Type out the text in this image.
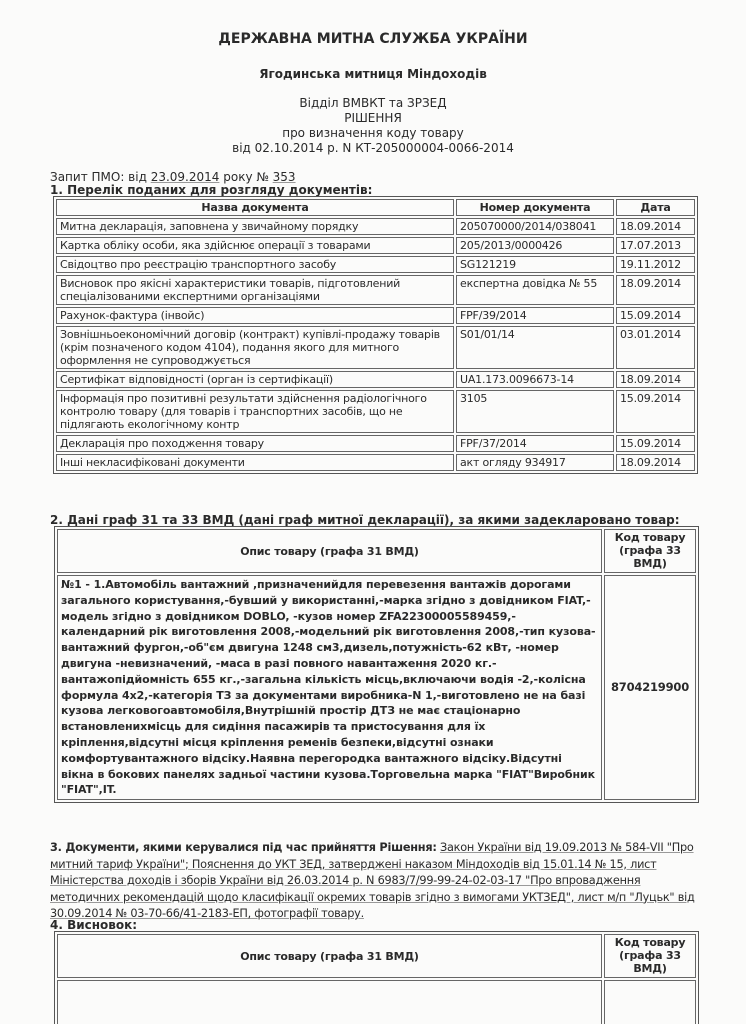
ДЕРЖАВНА МИТНА СЛУЖБА УКРАЇНИ
Ягодинська митниця Міндоходів
Відділ ВМВКТ та ЗРЗЕД
РІШЕННЯ
про визначення коду товару
від 02.10.2014 р. N КТ-205000004-0066-2014
Запит ПМО: від 23.09.2014 року № 353
1. Перелік поданих для розгляду документів:
Назва документа	Номер документа	Дата
Митна декларація, заповнена у звичайному порядку	205070000/2014/038041	18.09.2014
Картка обліку особи, яка здійснює операції з товарами	205/2013/0000426	17.07.2013
Свідоцтво про реєстрацію транспортного засобу	SG121219	19.11.2012
Висновок про якісні характеристики товарів, підготовлений спеціалізованими експертними організаціями	експертна довідка № 55	18.09.2014
Рахунок-фактура (інвойс)	FPF/39/2014	15.09.2014
Зовнішньоекономічний договір (контракт) купівлі-продажу товарів (крім позначеного кодом 4104), подання якого для митного оформлення не супроводжується	S01/01/14	03.01.2014
Сертифікат відповідності (орган із сертифікації)	UA1.173.0096673-14	18.09.2014
Інформація про позитивні результати здійснення радіологічного контролю товару (для товарів і транспортних засобів, що не підлягають екологічному контр	3105	15.09.2014
Декларація про походження товару	FPF/37/2014	15.09.2014
Інші некласифіковані документи	акт огляду 934917	18.09.2014
2. Дані граф 31 та 33 ВМД (дані граф митної декларації), за якими задекларовано товар:
Опис товару (графа 31 ВМД)	Код товару (графа 33 ВМД)
№1 - 1.Автомобіль вантажний ,призначенийдля перевезення вантажів дорогами загального користування,-бувший у використанні,-марка згідно з довідником FIAT,-модель згідно з довідником DOBLO, -кузов номер ZFA22300005589459,-календарний рік виготовлення 2008,-модельний рік виготовлення 2008,-тип кузова-вантажний фургон,-об"єм двигуна 1248 см3,дизель,потужність-62 кВт, -номер двигуна -невизначений, -маса в разі повного навантаження 2020 кг.-вантажопідйомність 655 кг.,-загальна кількість місць,включаючи водія -2,-колісна формула 4х2,-категорія ТЗ за документами виробника-N 1,-виготовлено не на базі кузова легковогоавтомобіля,Внутрішній простір ДТЗ не має стаціонарно встановленихмісць для сидіння пасажирів та пристосування для їх кріплення,відсутні місця кріплення ременів безпеки,відсутні ознаки комфортувантажного відсіку.Наявна перегородка вантажного відсіку.Відсутні вікна в бокових панелях задньої частини кузова.Торговельна марка "FIAT"Виробник "FIAT",IT.	8704219900
3. Документи, якими керувалися під час прийняття Рішення: Закон України від 19.09.2013 № 584-VII "Про митний тариф України"; Пояснення до УКТ ЗЕД, затверджені наказом Міндоходів від 15.01.14 № 15, лист Міністерства доходів і зборів України від 26.03.2014 р. N 6983/7/99-99-24-02-03-17 "Про впровадження методичних рекомендацій щодо класифікації окремих товарів згідно з вимогами УКТЗЕД", лист м/п "Луцьк" від 30.09.2014 № 03-70-66/41-2183-ЕП, фотографії товару.
4. Висновок:
Опис товару (графа 31 ВМД)	Код товару (графа 33 ВМД)
